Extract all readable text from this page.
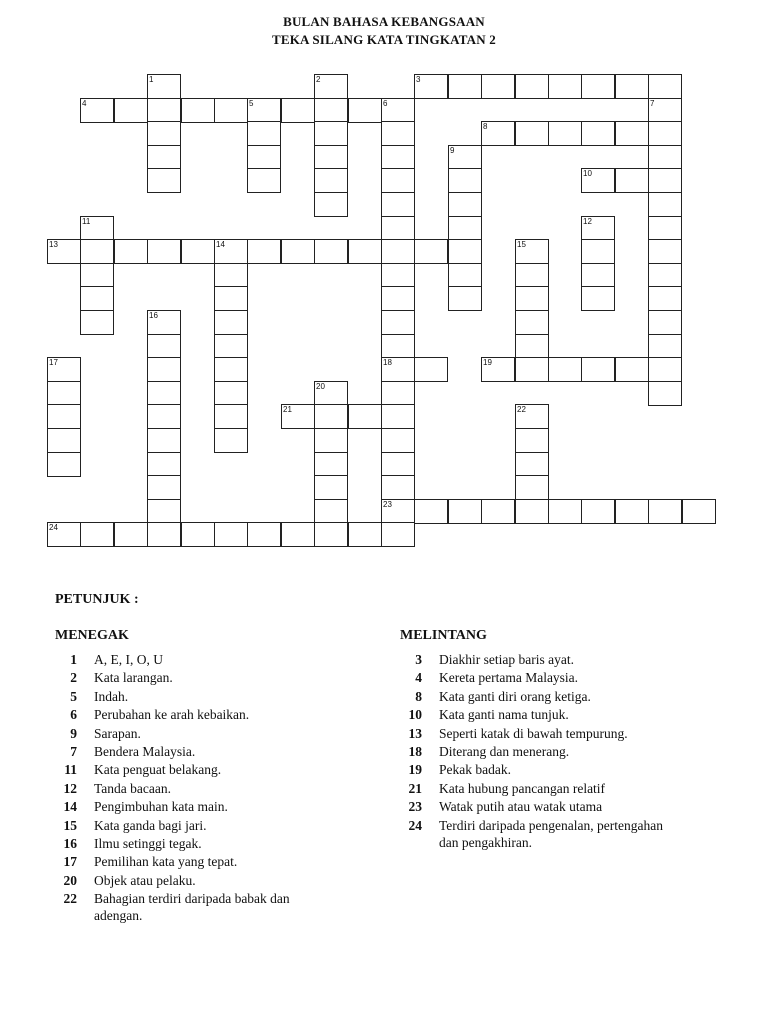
BULAN BAHASA KEBANGSAAN
TEKA SILANG KATA TINGKATAN 2
1	2
5	6
18
7
9
11	12
14	15
16
17
20
22
3
4
8
10
13
19
21
23
24
PETUNJUK :
MENEGAK	MELINTANG
1 A, E, I, O, U
2 Kata larangan.
5 Indah.
6 Perubahan ke arah kebaikan.
9 Sarapan.
7 Bendera Malaysia.
11 Kata penguat belakang.
12 Tanda bacaan.
14 Pengimbuhan kata main.
15 Kata ganda bagi jari.
16 Ilmu setinggi tegak.
17 Pemilihan kata yang tepat.
20 Objek atau pelaku.
22 Bahagian terdiri daripada babak dan
adengan.
3 Diakhir setiap baris ayat.
4 Kereta pertama Malaysia.
8 Kata ganti diri orang ketiga.
10 Kata ganti nama tunjuk.
13 Seperti katak di bawah tempurung.
18 Diterang dan menerang.
19 Pekak badak.
21 Kata hubung pancangan relatif
23 Watak putih atau watak utama
24 Terdiri daripada pengenalan, pertengahan
dan pengakhiran.
